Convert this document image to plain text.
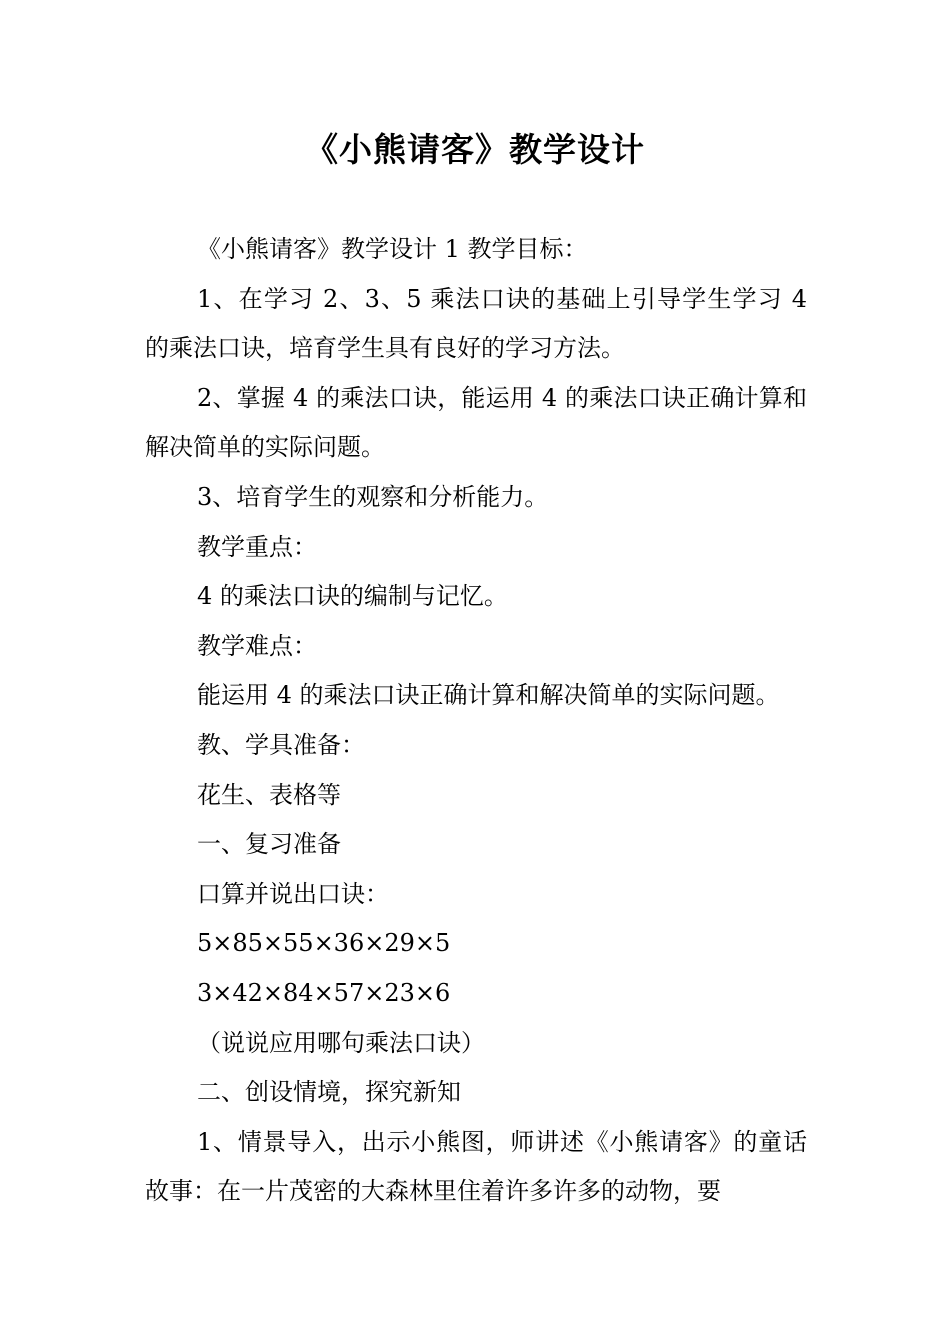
《小熊请客》教学设计

《小熊请客》教学设计 1 教学目标：

1、在学习 2、3、5 乘法口诀的基础上引导学生学习 4 的乘法口诀，培育学生具有良好的学习方法。

2、掌握 4 的乘法口诀，能运用 4 的乘法口诀正确计算和解决简单的实际问题。

3、培育学生的观察和分析能力。

教学重点：

4 的乘法口诀的编制与记忆。

教学难点：

能运用 4 的乘法口诀正确计算和解决简单的实际问题。

教、学具准备：

花生、表格等

一、复习准备

口算并说出口诀：

5×85×55×36×29×5

3×42×84×57×23×6

（说说应用哪句乘法口诀）

二、创设情境，探究新知

1、情景导入，出示小熊图，师讲述《小熊请客》的童话故事：在一片茂密的大森林里住着许多许多的动物，要
